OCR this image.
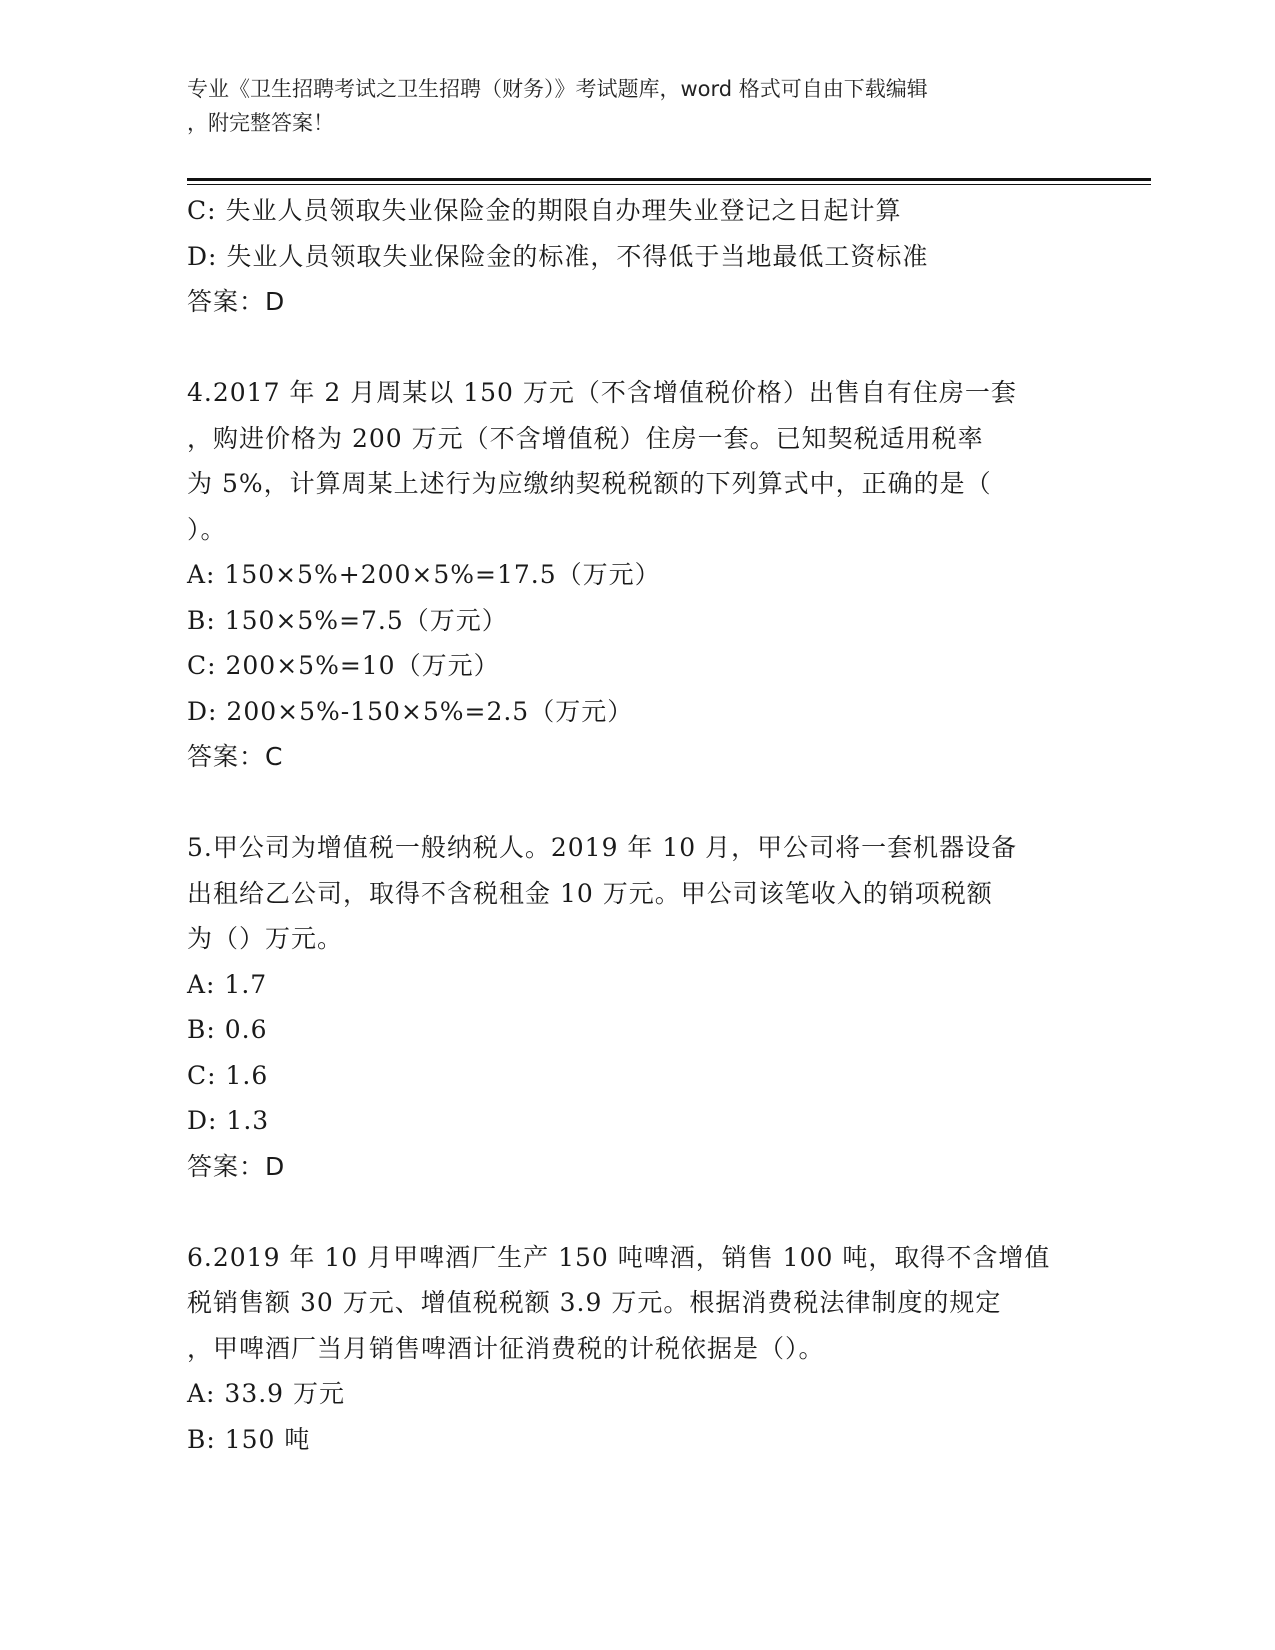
专业《卫生招聘考试之卫生招聘（财务）》考试题库，word 格式可自由下载编辑
，附完整答案！
C: 失业人员领取失业保险金的期限自办理失业登记之日起计算
D: 失业人员领取失业保险金的标准，不得低于当地最低工资标准
答案：D
4.2017 年 2 月周某以 150 万元（不含增值税价格）出售自有住房一套
，购进价格为 200 万元（不含增值税）住房一套。已知契税适用税率
为 5%，计算周某上述行为应缴纳契税税额的下列算式中，正确的是（
）。
A: 150×5%+200×5%=17.5（万元）
B: 150×5%=7.5（万元）
C: 200×5%=10（万元）
D: 200×5%-150×5%=2.5（万元）
答案：C
5.甲公司为增值税一般纳税人。2019 年 10 月，甲公司将一套机器设备
出租给乙公司，取得不含税租金 10 万元。甲公司该笔收入的销项税额
为（）万元。
A: 1.7
B: 0.6
C: 1.6
D: 1.3
答案：D
6.2019 年 10 月甲啤酒厂生产 150 吨啤酒，销售 100 吨，取得不含增值
税销售额 30 万元、增值税税额 3.9 万元。根据消费税法律制度的规定
，甲啤酒厂当月销售啤酒计征消费税的计税依据是（）。
A: 33.9 万元
B: 150 吨
